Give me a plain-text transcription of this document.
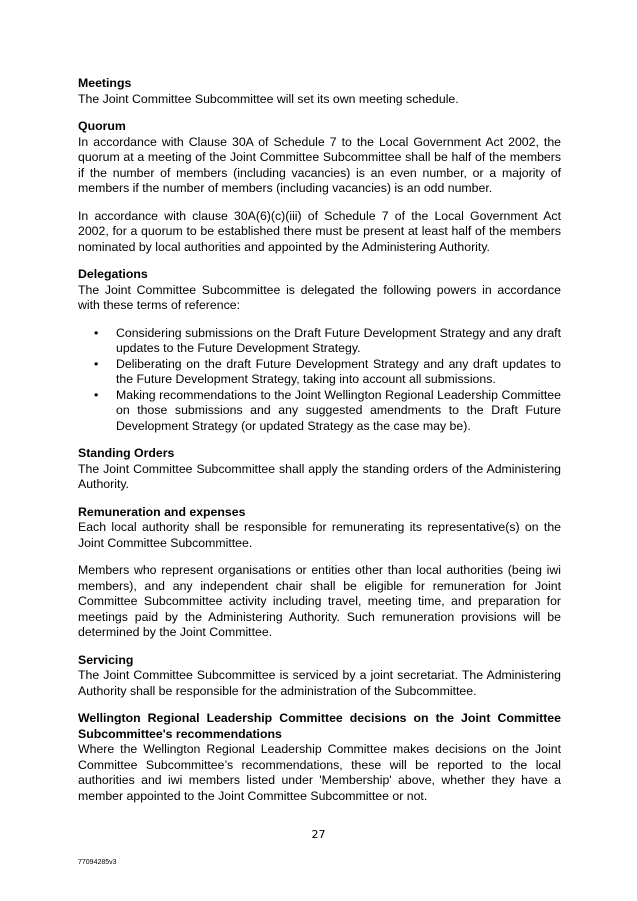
Meetings

The Joint Committee Subcommittee will set its own meeting schedule.

Quorum

In accordance with Clause 30A of Schedule 7 to the Local Government Act 2002, the quorum at a meeting of the Joint Committee Subcommittee shall be half of the members if the number of members (including vacancies) is an even number, or a majority of members if the number of members (including vacancies) is an odd number.

In accordance with clause 30A(6)(c)(iii) of Schedule 7 of the Local Government Act 2002, for a quorum to be established there must be present at least half of the members nominated by local authorities and appointed by the Administering Authority.

Delegations

The Joint Committee Subcommittee is delegated the following powers in accordance with these terms of reference:

• Considering submissions on the Draft Future Development Strategy and any draft updates to the Future Development Strategy.
• Deliberating on the draft Future Development Strategy and any draft updates to the Future Development Strategy, taking into account all submissions.
• Making recommendations to the Joint Wellington Regional Leadership Committee on those submissions and any suggested amendments to the Draft Future Development Strategy (or updated Strategy as the case may be).
Standing Orders

The Joint Committee Subcommittee shall apply the standing orders of the Administering Authority.

Remuneration and expenses

Each local authority shall be responsible for remunerating its representative(s) on the Joint Committee Subcommittee.

Members who represent organisations or entities other than local authorities (being iwi members), and any independent chair shall be eligible for remuneration for Joint Committee Subcommittee activity including travel, meeting time, and preparation for meetings paid by the Administering Authority. Such remuneration provisions will be determined by the Joint Committee.

Servicing

The Joint Committee Subcommittee is serviced by a joint secretariat. The Administering Authority shall be responsible for the administration of the Subcommittee.

Wellington Regional Leadership Committee decisions on the Joint Committee Subcommittee's recommendations

Where the Wellington Regional Leadership Committee makes decisions on the Joint Committee Subcommittee’s recommendations, these will be reported to the local authorities and iwi members listed under 'Membership' above, whether they have a member appointed to the Joint Committee Subcommittee or not.

27
77094285v3
